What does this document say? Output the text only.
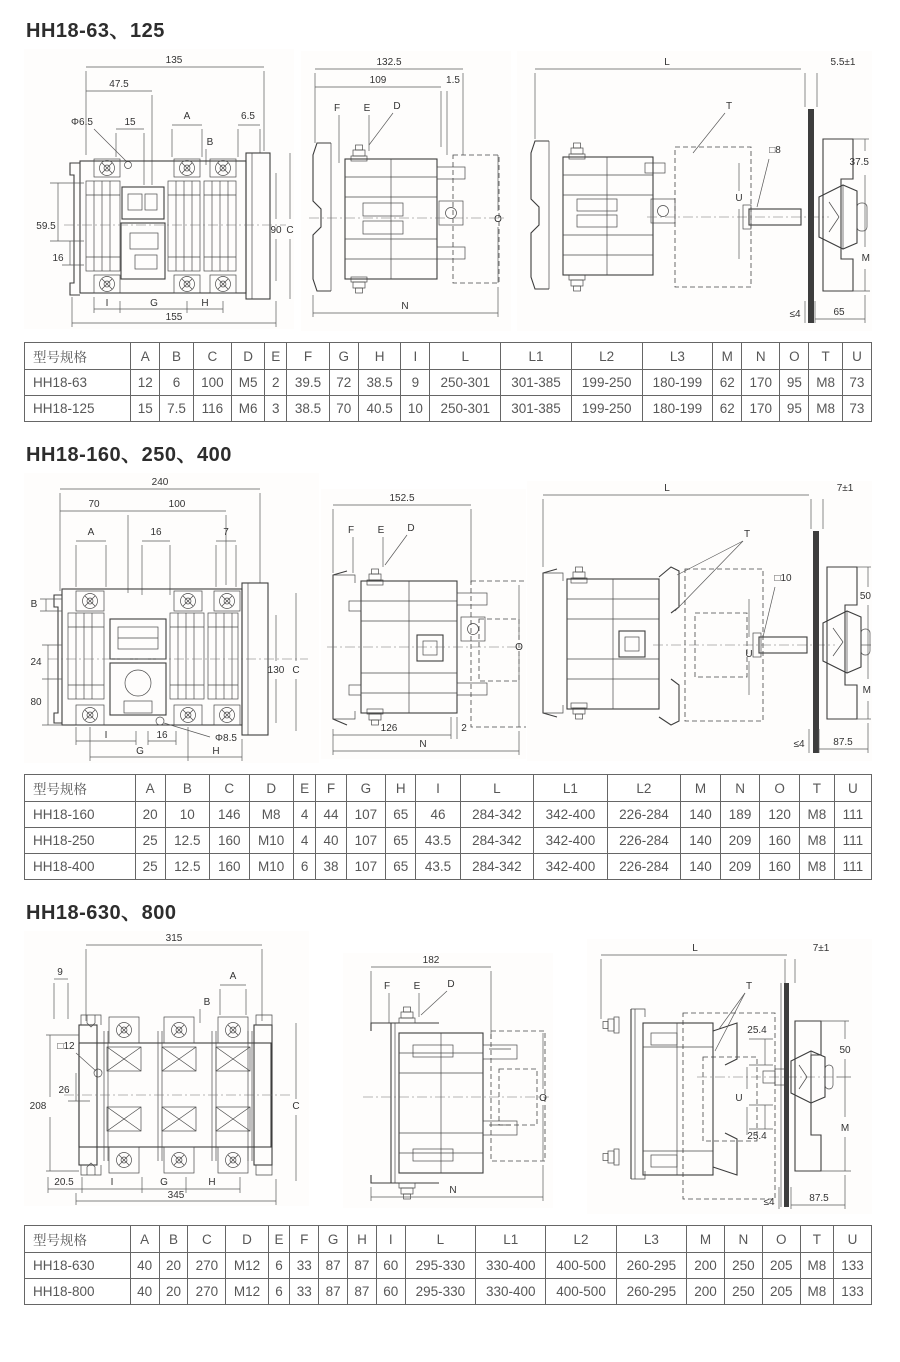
HH18-63、125
135
47.5
Φ6.5	15
A
B
6.5
59.5
16
90 C
I	G	H
155
132.5
109	1.5
F E D
O
N
L	5.5±1
T
□8
U
37.5
M
≤4	65
型号规格	A	B	C	D	E	F	G	H	I	L	L1	L2	L3	M	N	O	T	U
HH18-63	12	6	100	M5	2	39.5	72	38.5	9	250-301	301-385	199-250	180-199	62	170	95	M8	73
HH18-125	15	7.5	116	M6	3	38.5	70	40.5	10	250-301	301-385	199-250	180-199	62	170	95	M8	73
HH18-160、250、400
240
70	100
A	16	7
B
24
80
130 C
I	16	Φ8.5
G	H
152.5
F E D
O
126	2
N
L	7±1
T
□10
U
50
M
≤4	87.5
型号规格	A	B	C	D	E	F	G	H	I	L	L1	L2	M	N	O	T	U
HH18-160	20	10	146	M8	4	44	107	65	46	284-342	342-400	226-284	140	189	120	M8	111
HH18-250	25	12.5	160	M10	4	40	107	65	43.5	284-342	342-400	226-284	140	209	160	M8	111
HH18-400	25	12.5	160	M10	6	38	107	65	43.5	284-342	342-400	226-284	140	209	160	M8	111
HH18-630、800
315
9	A
B
□12
26
208	C
20.5	I	G	H
345
182
F E	D
O
N
L	7±1
T
25.4
U
25.4
50
M
≤4	87.5
型号规格	A	B	C	D	E	F	G	H	I	L	L1	L2	L3	M	N	O	T	U
HH18-630	40	20	270	M12	6	33	87	87	60	295-330	330-400	400-500	260-295	200	250	205	M8	133
HH18-800	40	20	270	M12	6	33	87	87	60	295-330	330-400	400-500	260-295	200	250	205	M8	133
